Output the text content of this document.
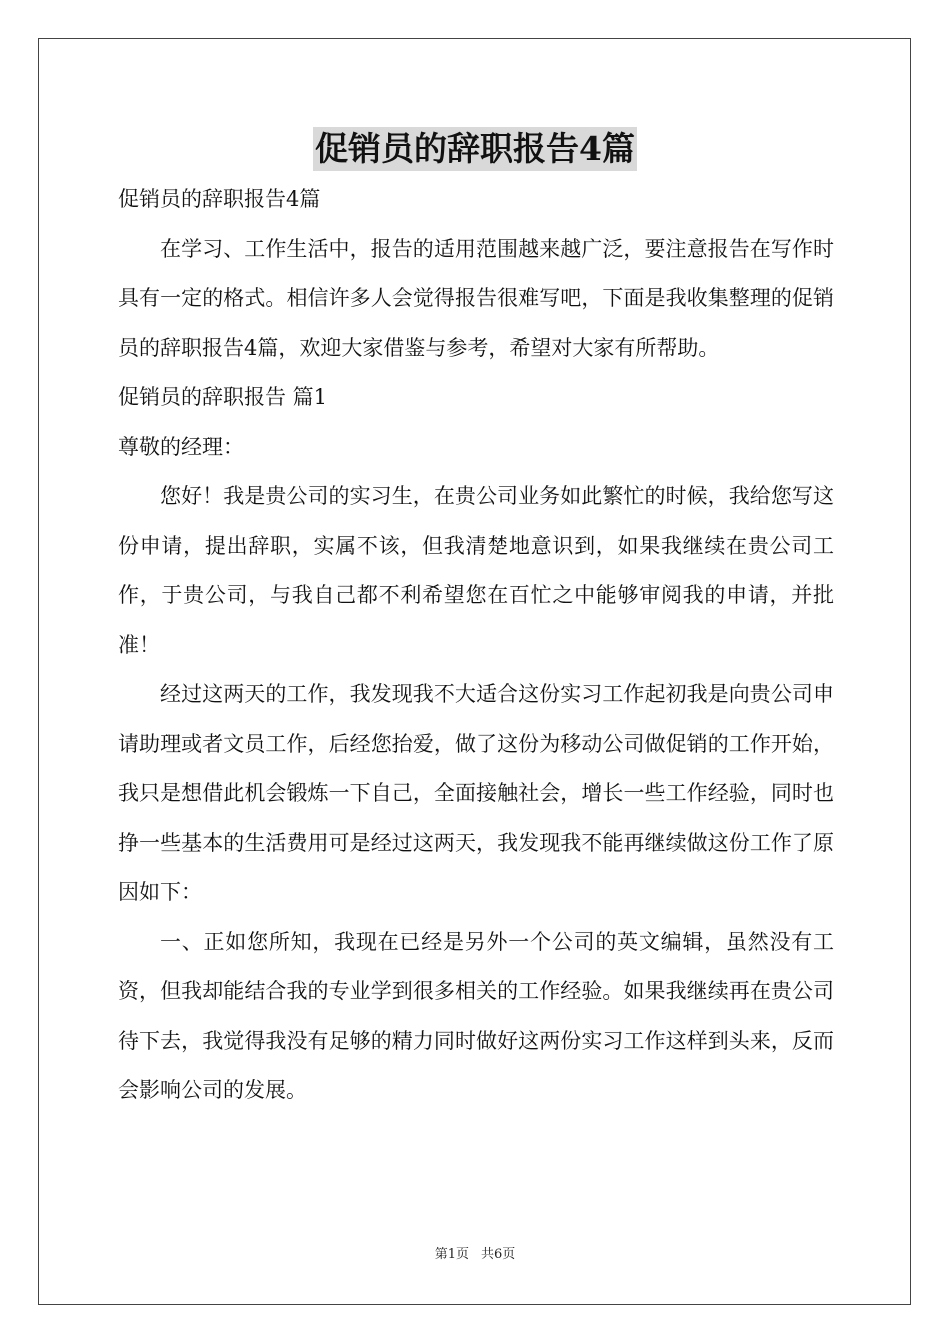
促销员的辞职报告4篇

促销员的辞职报告4篇

在学习、工作生活中，报告的适用范围越来越广泛，要注意报告在写作时具有一定的格式。相信许多人会觉得报告很难写吧，下面是我收集整理的促销员的辞职报告4篇，欢迎大家借鉴与参考，希望对大家有所帮助。

促销员的辞职报告 篇1

尊敬的经理：

您好！我是贵公司的实习生，在贵公司业务如此繁忙的时候，我给您写这份申请，提出辞职，实属不该，但我清楚地意识到，如果我继续在贵公司工作，于贵公司，与我自己都不利希望您在百忙之中能够审阅我的申请，并批准！

经过这两天的工作，我发现我不大适合这份实习工作起初我是向贵公司申请助理或者文员工作，后经您抬爱，做了这份为移动公司做促销的工作开始，我只是想借此机会锻炼一下自己，全面接触社会，增长一些工作经验，同时也挣一些基本的生活费用可是经过这两天，我发现我不能再继续做这份工作了原因如下：

一、正如您所知，我现在已经是另外一个公司的英文编辑，虽然没有工资，但我却能结合我的专业学到很多相关的工作经验。如果我继续再在贵公司待下去，我觉得我没有足够的精力同时做好这两份实习工作这样到头来，反而会影响公司的发展。

第1页 共6页
